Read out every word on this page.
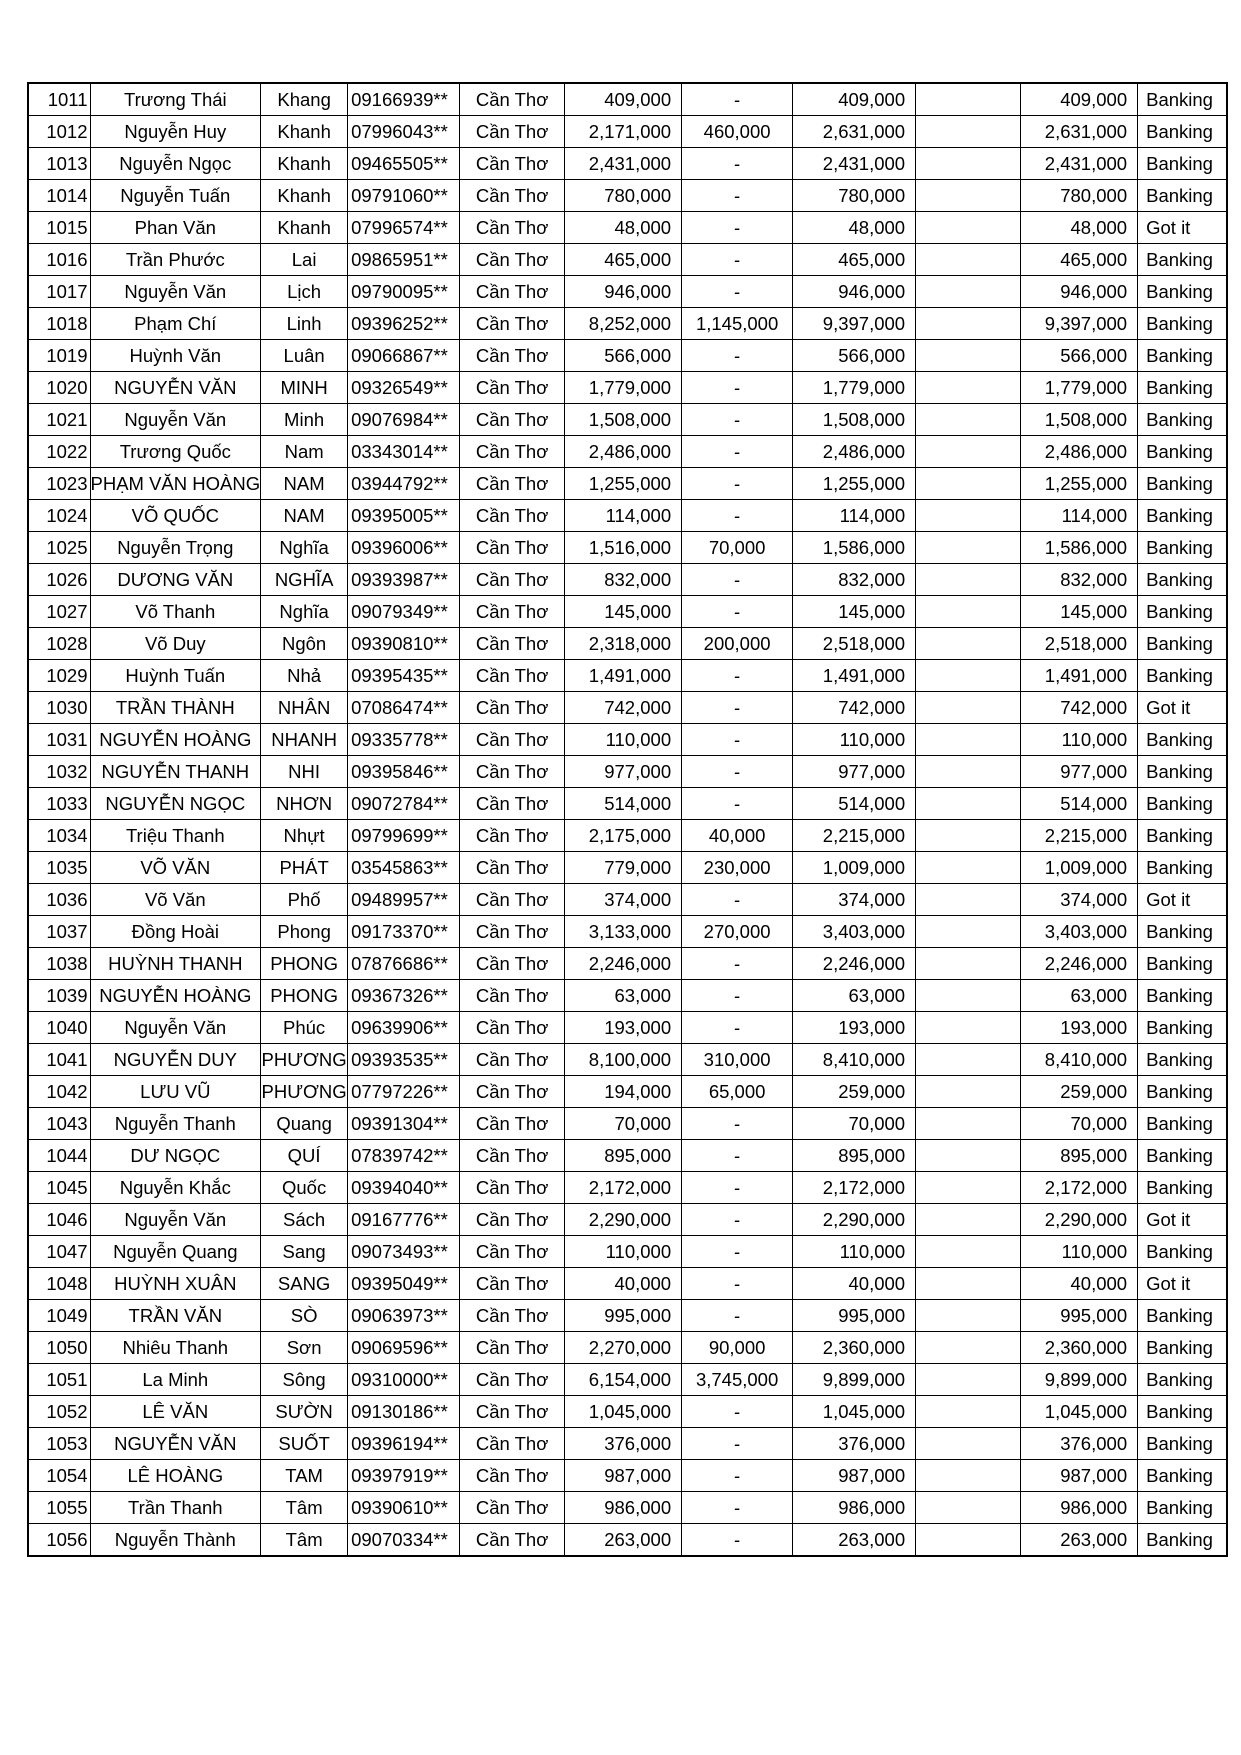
1011	Trương Thái	Khang	09166939**	Cần Thơ	409,000	-	409,000		409,000	Banking
1012	Nguyễn Huy	Khanh	07996043**	Cần Thơ	2,171,000	460,000	2,631,000		2,631,000	Banking
1013	Nguyễn Ngọc	Khanh	09465505**	Cần Thơ	2,431,000	-	2,431,000		2,431,000	Banking
1014	Nguyễn Tuấn	Khanh	09791060**	Cần Thơ	780,000	-	780,000		780,000	Banking
1015	Phan Văn	Khanh	07996574**	Cần Thơ	48,000	-	48,000		48,000	Got it
1016	Trần Phước	Lai	09865951**	Cần Thơ	465,000	-	465,000		465,000	Banking
1017	Nguyễn Văn	Lịch	09790095**	Cần Thơ	946,000	-	946,000		946,000	Banking
1018	Phạm Chí	Linh	09396252**	Cần Thơ	8,252,000	1,145,000	9,397,000		9,397,000	Banking
1019	Huỳnh Văn	Luân	09066867**	Cần Thơ	566,000	-	566,000		566,000	Banking
1020	NGUYỄN VĂN	MINH	09326549**	Cần Thơ	1,779,000	-	1,779,000		1,779,000	Banking
1021	Nguyễn Văn	Minh	09076984**	Cần Thơ	1,508,000	-	1,508,000		1,508,000	Banking
1022	Trương Quốc	Nam	03343014**	Cần Thơ	2,486,000	-	2,486,000		2,486,000	Banking
1023	PHẠM VĂN HOÀNG	NAM	03944792**	Cần Thơ	1,255,000	-	1,255,000		1,255,000	Banking
1024	VÕ QUỐC	NAM	09395005**	Cần Thơ	114,000	-	114,000		114,000	Banking
1025	Nguyễn Trọng	Nghĩa	09396006**	Cần Thơ	1,516,000	70,000	1,586,000		1,586,000	Banking
1026	DƯƠNG VĂN	NGHĨA	09393987**	Cần Thơ	832,000	-	832,000		832,000	Banking
1027	Võ Thanh	Nghĩa	09079349**	Cần Thơ	145,000	-	145,000		145,000	Banking
1028	Võ Duy	Ngôn	09390810**	Cần Thơ	2,318,000	200,000	2,518,000		2,518,000	Banking
1029	Huỳnh Tuấn	Nhả	09395435**	Cần Thơ	1,491,000	-	1,491,000		1,491,000	Banking
1030	TRẦN THÀNH	NHÂN	07086474**	Cần Thơ	742,000	-	742,000		742,000	Got it
1031	NGUYỄN HOÀNG	NHANH	09335778**	Cần Thơ	110,000	-	110,000		110,000	Banking
1032	NGUYỄN THANH	NHI	09395846**	Cần Thơ	977,000	-	977,000		977,000	Banking
1033	NGUYỄN NGỌC	NHƠN	09072784**	Cần Thơ	514,000	-	514,000		514,000	Banking
1034	Triệu Thanh	Nhựt	09799699**	Cần Thơ	2,175,000	40,000	2,215,000		2,215,000	Banking
1035	VÕ VĂN	PHÁT	03545863**	Cần Thơ	779,000	230,000	1,009,000		1,009,000	Banking
1036	Võ Văn	Phố	09489957**	Cần Thơ	374,000	-	374,000		374,000	Got it
1037	Đồng Hoài	Phong	09173370**	Cần Thơ	3,133,000	270,000	3,403,000		3,403,000	Banking
1038	HUỲNH THANH	PHONG	07876686**	Cần Thơ	2,246,000	-	2,246,000		2,246,000	Banking
1039	NGUYỄN HOÀNG	PHONG	09367326**	Cần Thơ	63,000	-	63,000		63,000	Banking
1040	Nguyễn Văn	Phúc	09639906**	Cần Thơ	193,000	-	193,000		193,000	Banking
1041	NGUYỄN DUY	PHƯƠNG	09393535**	Cần Thơ	8,100,000	310,000	8,410,000		8,410,000	Banking
1042	LƯU VŨ	PHƯƠNG	07797226**	Cần Thơ	194,000	65,000	259,000		259,000	Banking
1043	Nguyễn Thanh	Quang	09391304**	Cần Thơ	70,000	-	70,000		70,000	Banking
1044	DƯ NGỌC	QUÍ	07839742**	Cần Thơ	895,000	-	895,000		895,000	Banking
1045	Nguyễn Khắc	Quốc	09394040**	Cần Thơ	2,172,000	-	2,172,000		2,172,000	Banking
1046	Nguyễn Văn	Sách	09167776**	Cần Thơ	2,290,000	-	2,290,000		2,290,000	Got it
1047	Nguyễn Quang	Sang	09073493**	Cần Thơ	110,000	-	110,000		110,000	Banking
1048	HUỲNH XUÂN	SANG	09395049**	Cần Thơ	40,000	-	40,000		40,000	Got it
1049	TRẦN VĂN	SÒ	09063973**	Cần Thơ	995,000	-	995,000		995,000	Banking
1050	Nhiêu Thanh	Sơn	09069596**	Cần Thơ	2,270,000	90,000	2,360,000		2,360,000	Banking
1051	La Minh	Sông	09310000**	Cần Thơ	6,154,000	3,745,000	9,899,000		9,899,000	Banking
1052	LÊ VĂN	SƯỜN	09130186**	Cần Thơ	1,045,000	-	1,045,000		1,045,000	Banking
1053	NGUYỄN VĂN	SUỐT	09396194**	Cần Thơ	376,000	-	376,000		376,000	Banking
1054	LÊ HOÀNG	TAM	09397919**	Cần Thơ	987,000	-	987,000		987,000	Banking
1055	Trần Thanh	Tâm	09390610**	Cần Thơ	986,000	-	986,000		986,000	Banking
1056	Nguyễn Thành	Tâm	09070334**	Cần Thơ	263,000	-	263,000		263,000	Banking
